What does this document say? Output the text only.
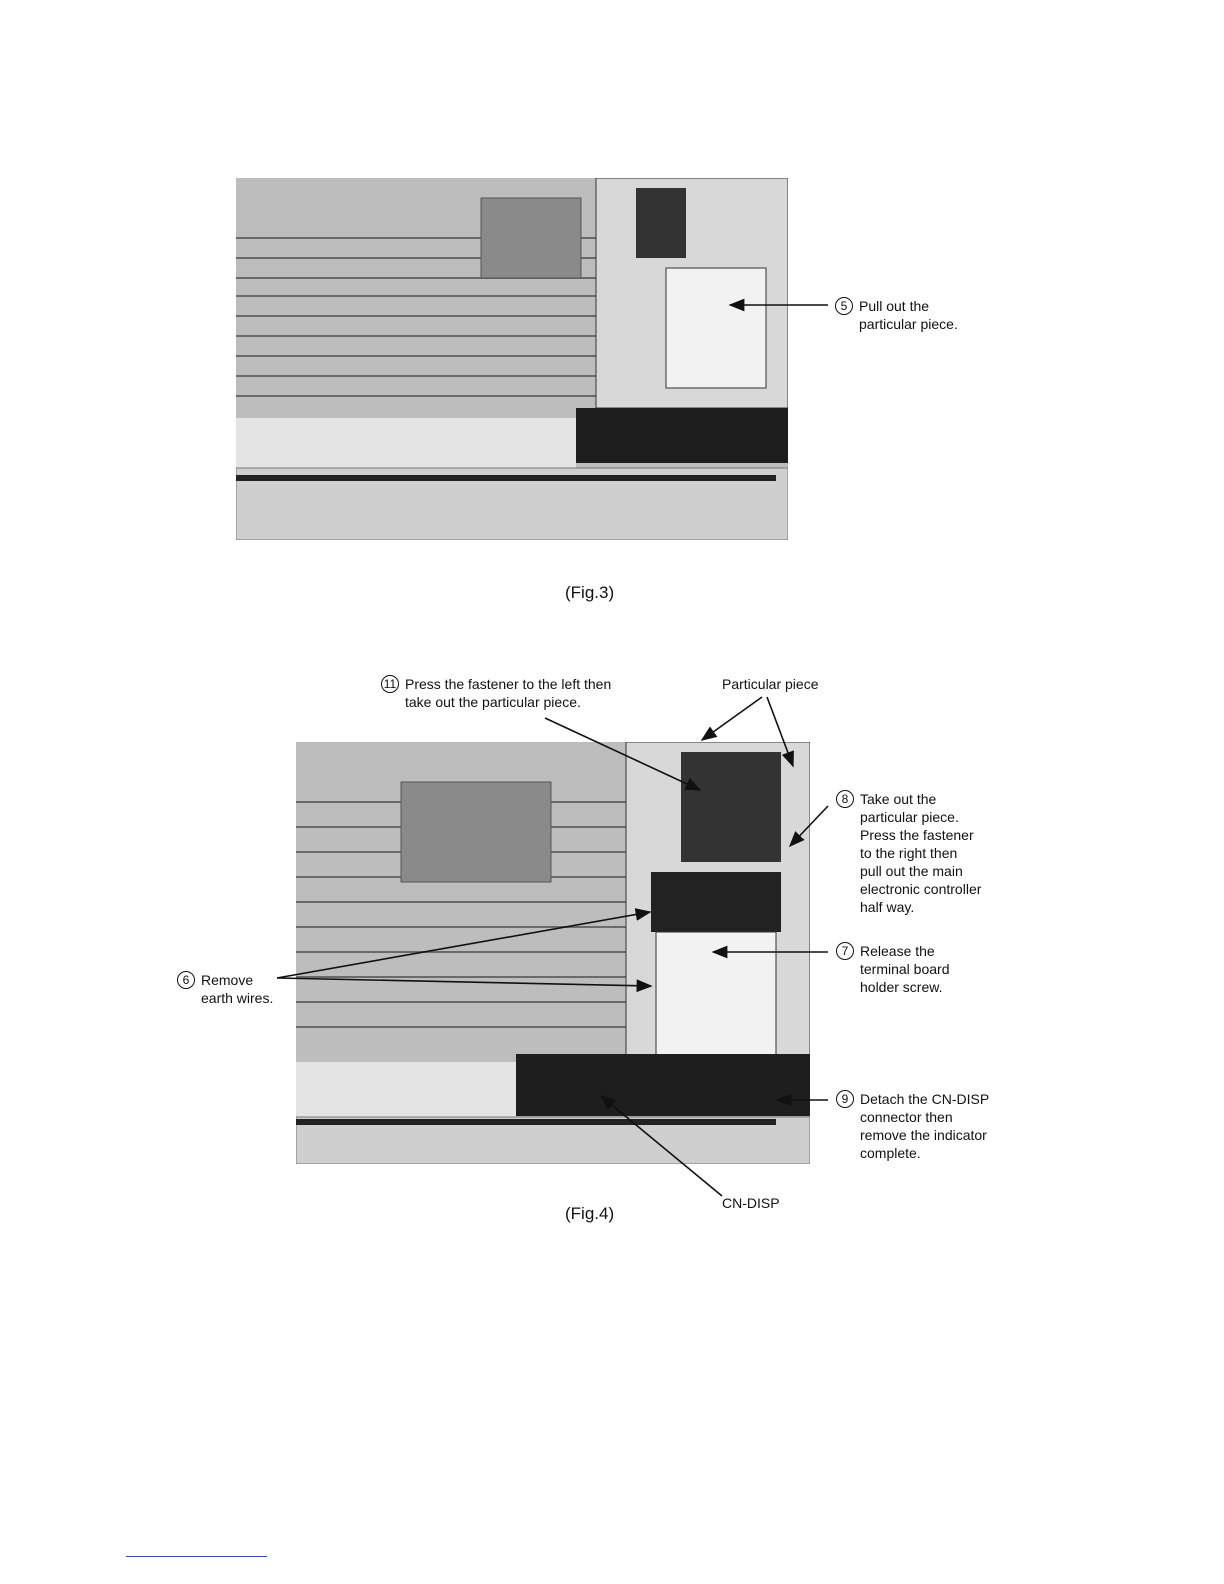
5 Pull out the
particular piece.
(Fig.3)
11 Press the fastener to the left then
take out the particular piece.
Particular piece
8 Take out the
particular piece.
Press the fastener
to the right then
pull out the main
electronic controller
half way.
7 Release the
terminal board
holder screw.
6 Remove
earth wires.
9 Detach the CN-DISP
connector then
remove the indicator
complete.
CN-DISP
(Fig.4)
